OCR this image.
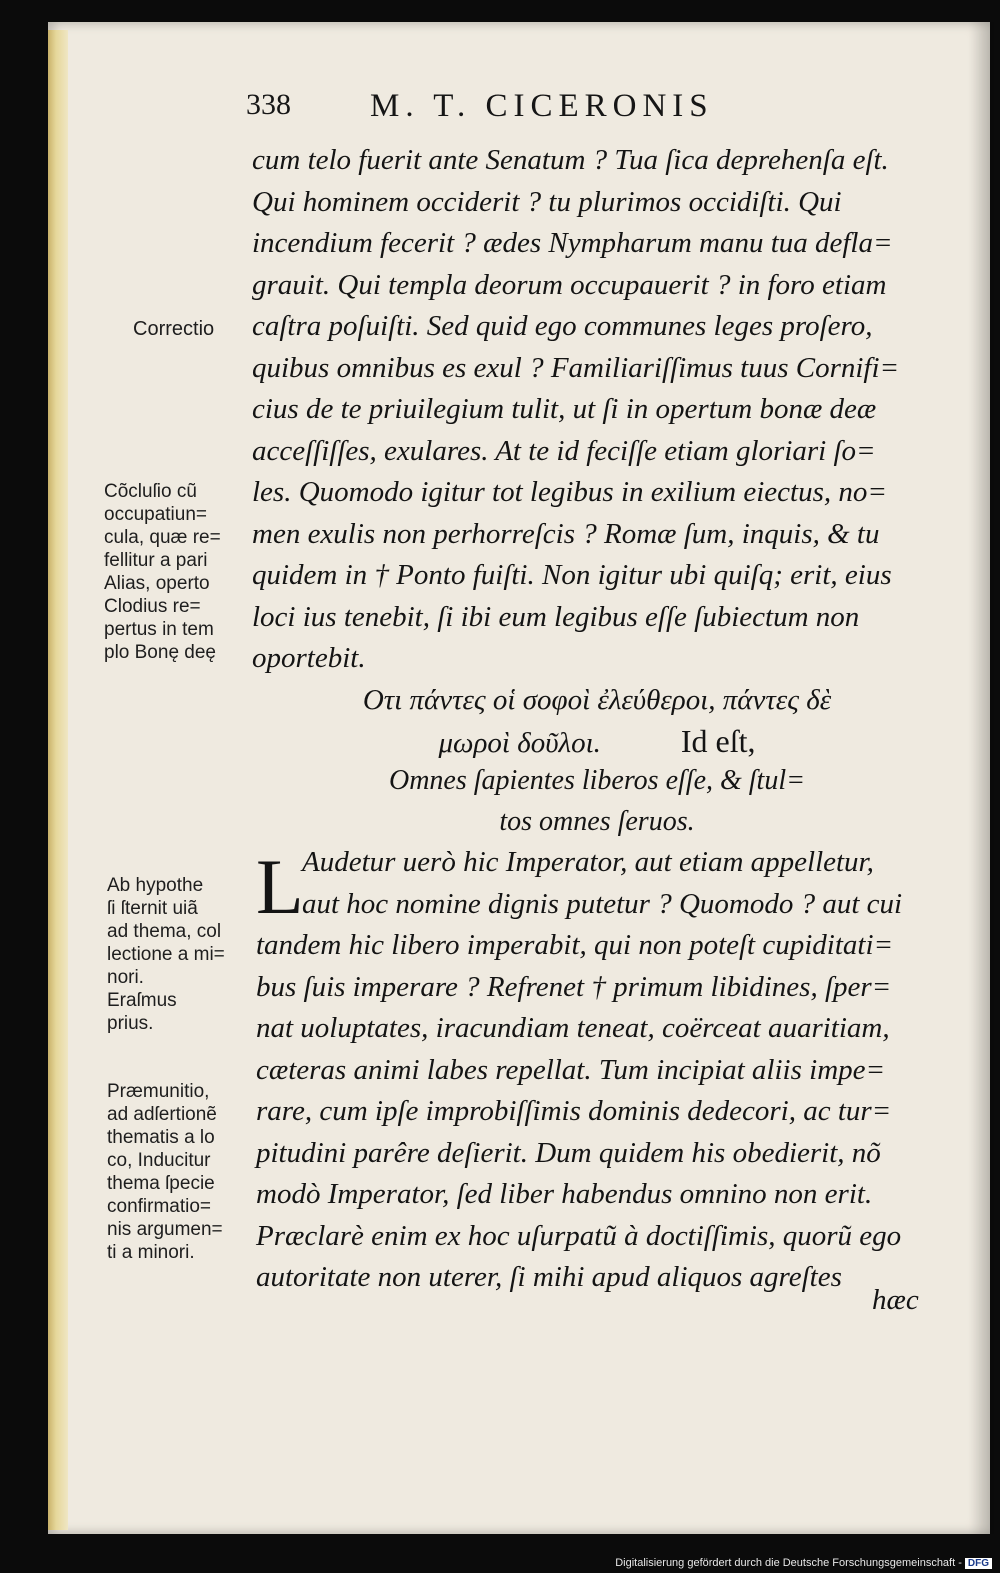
338 M. T. CICERONIS
cum telo fuerit ante Senatum ? Tua ſica deprehenſa eſt.
Qui hominem occiderit ? tu plurimos occidiſti. Qui
incendium fecerit ? ædes Nympharum manu tua defla=
grauit. Qui templa deorum occupauerit ? in foro etiam
caſtra poſuiſti. Sed quid ego communes leges proſero,
quibus omnibus es exul ? Familiariſſimus tuus Cornifi=
cius de te priuilegium tulit, ut ſi in opertum bonæ deæ
acceſſiſſes, exulares. At te id feciſſe etiam gloriari ſo=
les. Quomodo igitur tot legibus in exilium eiectus, no=
men exulis non perhorreſcis ? Romæ ſum, inquis, & tu
quidem in † Ponto fuiſti. Non igitur ubi quiſq; erit, eius
loci ius tenebit, ſi ibi eum legibus eſſe ſubiectum non
oportebit.
Οτι πάντες οἱ σοφοὶ ἐλεύθεροι, πάντες δὲ
μωροὶ δοῦλοι.	Id eſt,
Omnes ſapientes liberos eſſe, & ſtul=
tos omnes ſeruos.
L
Audetur uerò hic Imperator, aut etiam appelletur,
aut hoc nomine dignis putetur ? Quomodo ? aut cui
tandem hic libero imperabit, qui non poteſt cupiditati=
bus ſuis imperare ? Refrenet † primum libidines, ſper=
nat uoluptates, iracundiam teneat, coërceat auaritiam,
cæteras animi labes repellat. Tum incipiat aliis impe=
rare, cum ipſe improbiſſimis dominis dedecori, ac tur=
pitudini parêre deſierit. Dum quidem his obedierit, nõ
modò Imperator, ſed liber habendus omnino non erit.
Præclarè enim ex hoc uſurpatũ à doctiſſimis, quorũ ego
autoritate non uterer, ſi mihi apud aliquos agreſtes
hæc
Correctio
Cõcluſio cũ
occupatiun=
cula, quæ re=
fellitur a pari
Alias, operto
Clodius re=
pertus in tem
plo Bonę deę
Ab hypothe
ſi ſternit uiã
ad thema, col
lectione a mi=
nori.
Eraſmus
prius.
Præmunitio,
ad adſertionẽ
thematis a lo
co, Inducitur
thema ſpecie
confirmatio=
nis argumen=
ti a minori.
Digitalisierung gefördert durch die Deutsche Forschungsgemeinschaft - DFG
